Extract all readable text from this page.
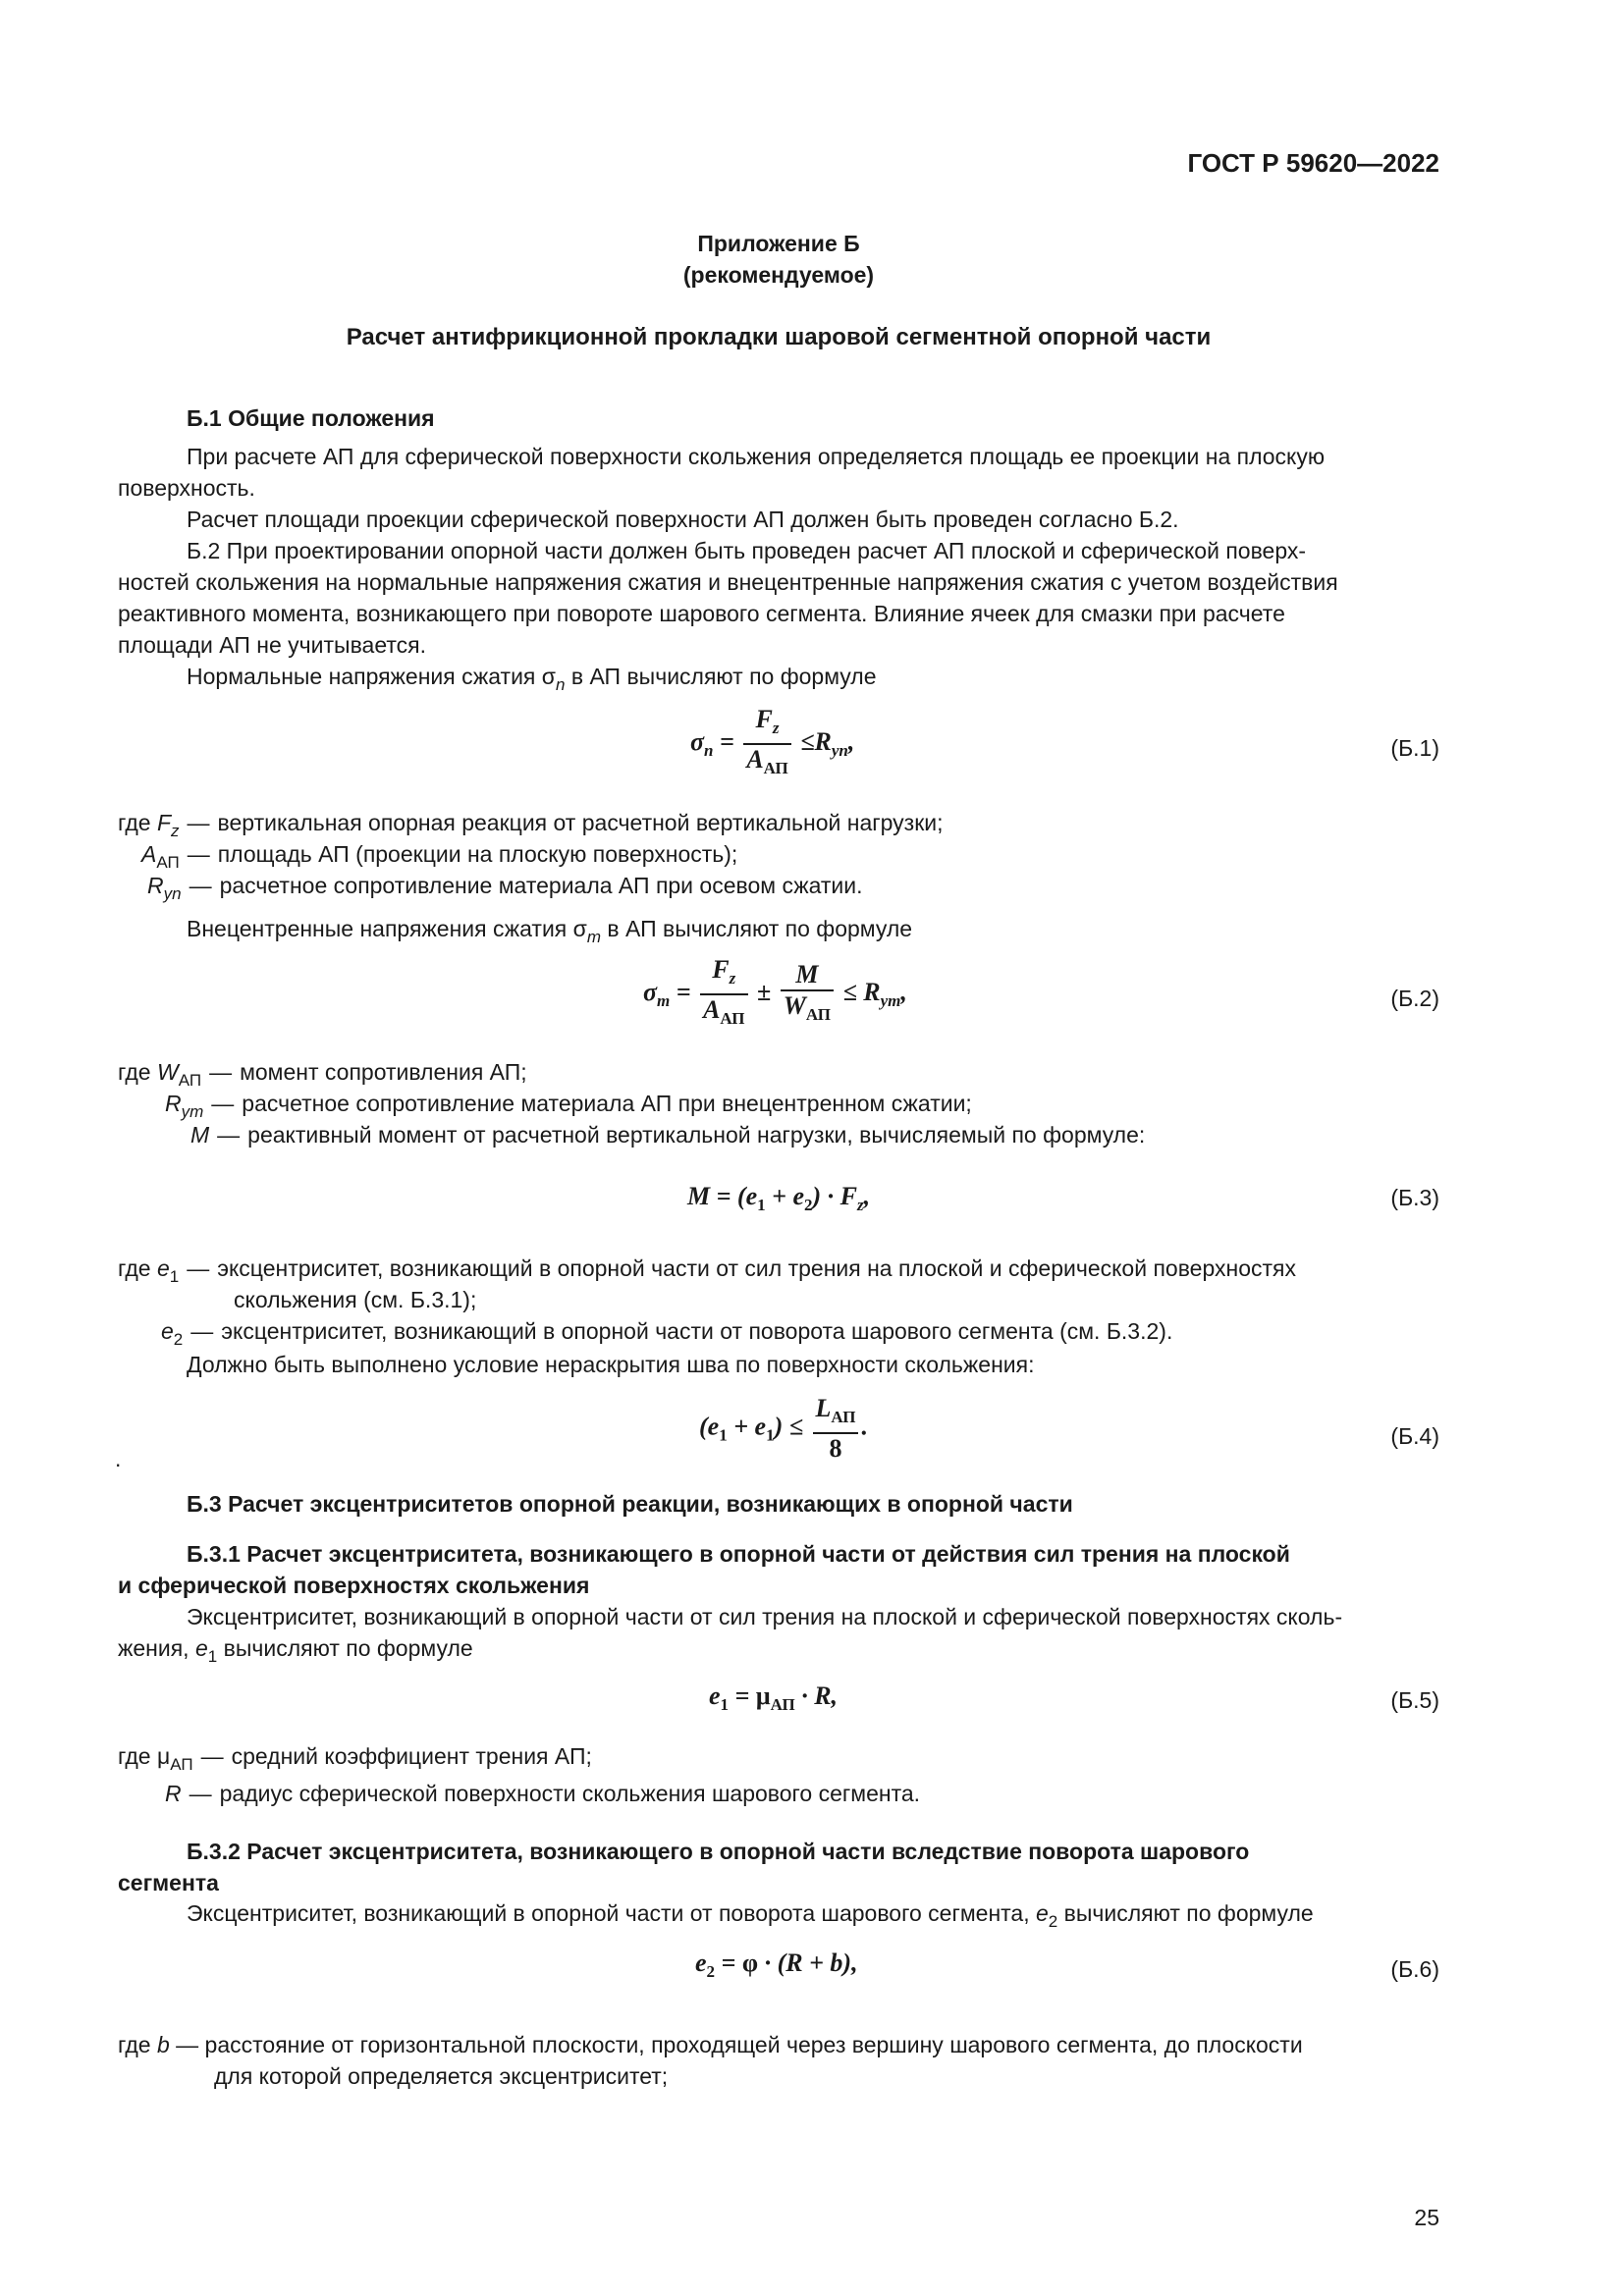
ГОСТ Р 59620—2022
Приложение Б
(рекомендуемое)
Расчет антифрикционной прокладки шаровой сегментной опорной части
Б.1 Общие положения
При расчете АП для сферической поверхности скольжения определяется площадь ее проекции на плоскую
поверхность.
Расчет площади проекции сферической поверхности АП должен быть проведен согласно Б.2.
Б.2 При проектировании опорной части должен быть проведен расчет АП плоской и сферической поверх-
ностей скольжения на нормальные напряжения сжатия и внецентренные напряжения сжатия с учетом воздействия
реактивного момента, возникающего при повороте шарового сегмента. Влияние ячеек для смазки при расчете
площади АП не учитывается.
Нормальные напряжения сжатия $\sigma_n$ в АП вычисляют по формуле
$\sigma_n = \frac{F_z}{A_{АП}} \le R_{yn}$,	(Б.1)
где $F_z$ — вертикальная опорная реакция от расчетной вертикальной нагрузки;
$A_{АП}$ — площадь АП (проекции на плоскую поверхность);
$R_{yn}$ — расчетное сопротивление материала АП при осевом сжатии.
Внецентренные напряжения сжатия $\sigma_m$ в АП вычисляют по формуле
$\sigma_m = \frac{F_z}{A_{АП}} \pm \frac{M}{W_{АП}} \le R_{ym}$,	(Б.2)
где $W_{АП}$ — момент сопротивления АП;
$R_{ym}$ — расчетное сопротивление материала АП при внецентренном сжатии;
M — реактивный момент от расчетной вертикальной нагрузки, вычисляемый по формуле:
$M = (e_1 + e_2) \cdot F_z$,	(Б.3)
где $e_1$ — эксцентриситет, возникающий в опорной части от сил трения на плоской и сферической поверхностях
скольжения (см. Б.3.1);
$e_2$ — эксцентриситет, возникающий в опорной части от поворота шарового сегмента (см. Б.3.2).
Должно быть выполнено условие нераскрытия шва по поверхности скольжения:
$(e_1 + e_1) \le \frac{L_{АП}}{8}$ .	(Б.4)
.
Б.3 Расчет эксцентриситетов опорной реакции, возникающих в опорной части
Б.3.1 Расчет эксцентриситета, возникающего в опорной части от действия сил трения на плоской
и сферической поверхностях скольжения
Эксцентриситет, возникающий в опорной части от сил трения на плоской и сферической поверхностях сколь-
жения, $e_1$ вычисляют по формуле
$e_1 = \mu_{АП} \cdot R$,	(Б.5)
где $\mu_{АП}$ — средний коэффициент трения АП;
R — радиус сферической поверхности скольжения шарового сегмента.
Б.3.2 Расчет эксцентриситета, возникающего в опорной части вследствие поворота шарового
сегмента
Эксцентриситет, возникающий в опорной части от поворота шарового сегмента, $e_2$ вычисляют по формуле
$e_2 = \varphi \cdot (R + b)$,	(Б.6)
где b — расстояние от горизонтальной плоскости, проходящей через вершину шарового сегмента, до плоскости
для которой определяется эксцентриситет;
25
